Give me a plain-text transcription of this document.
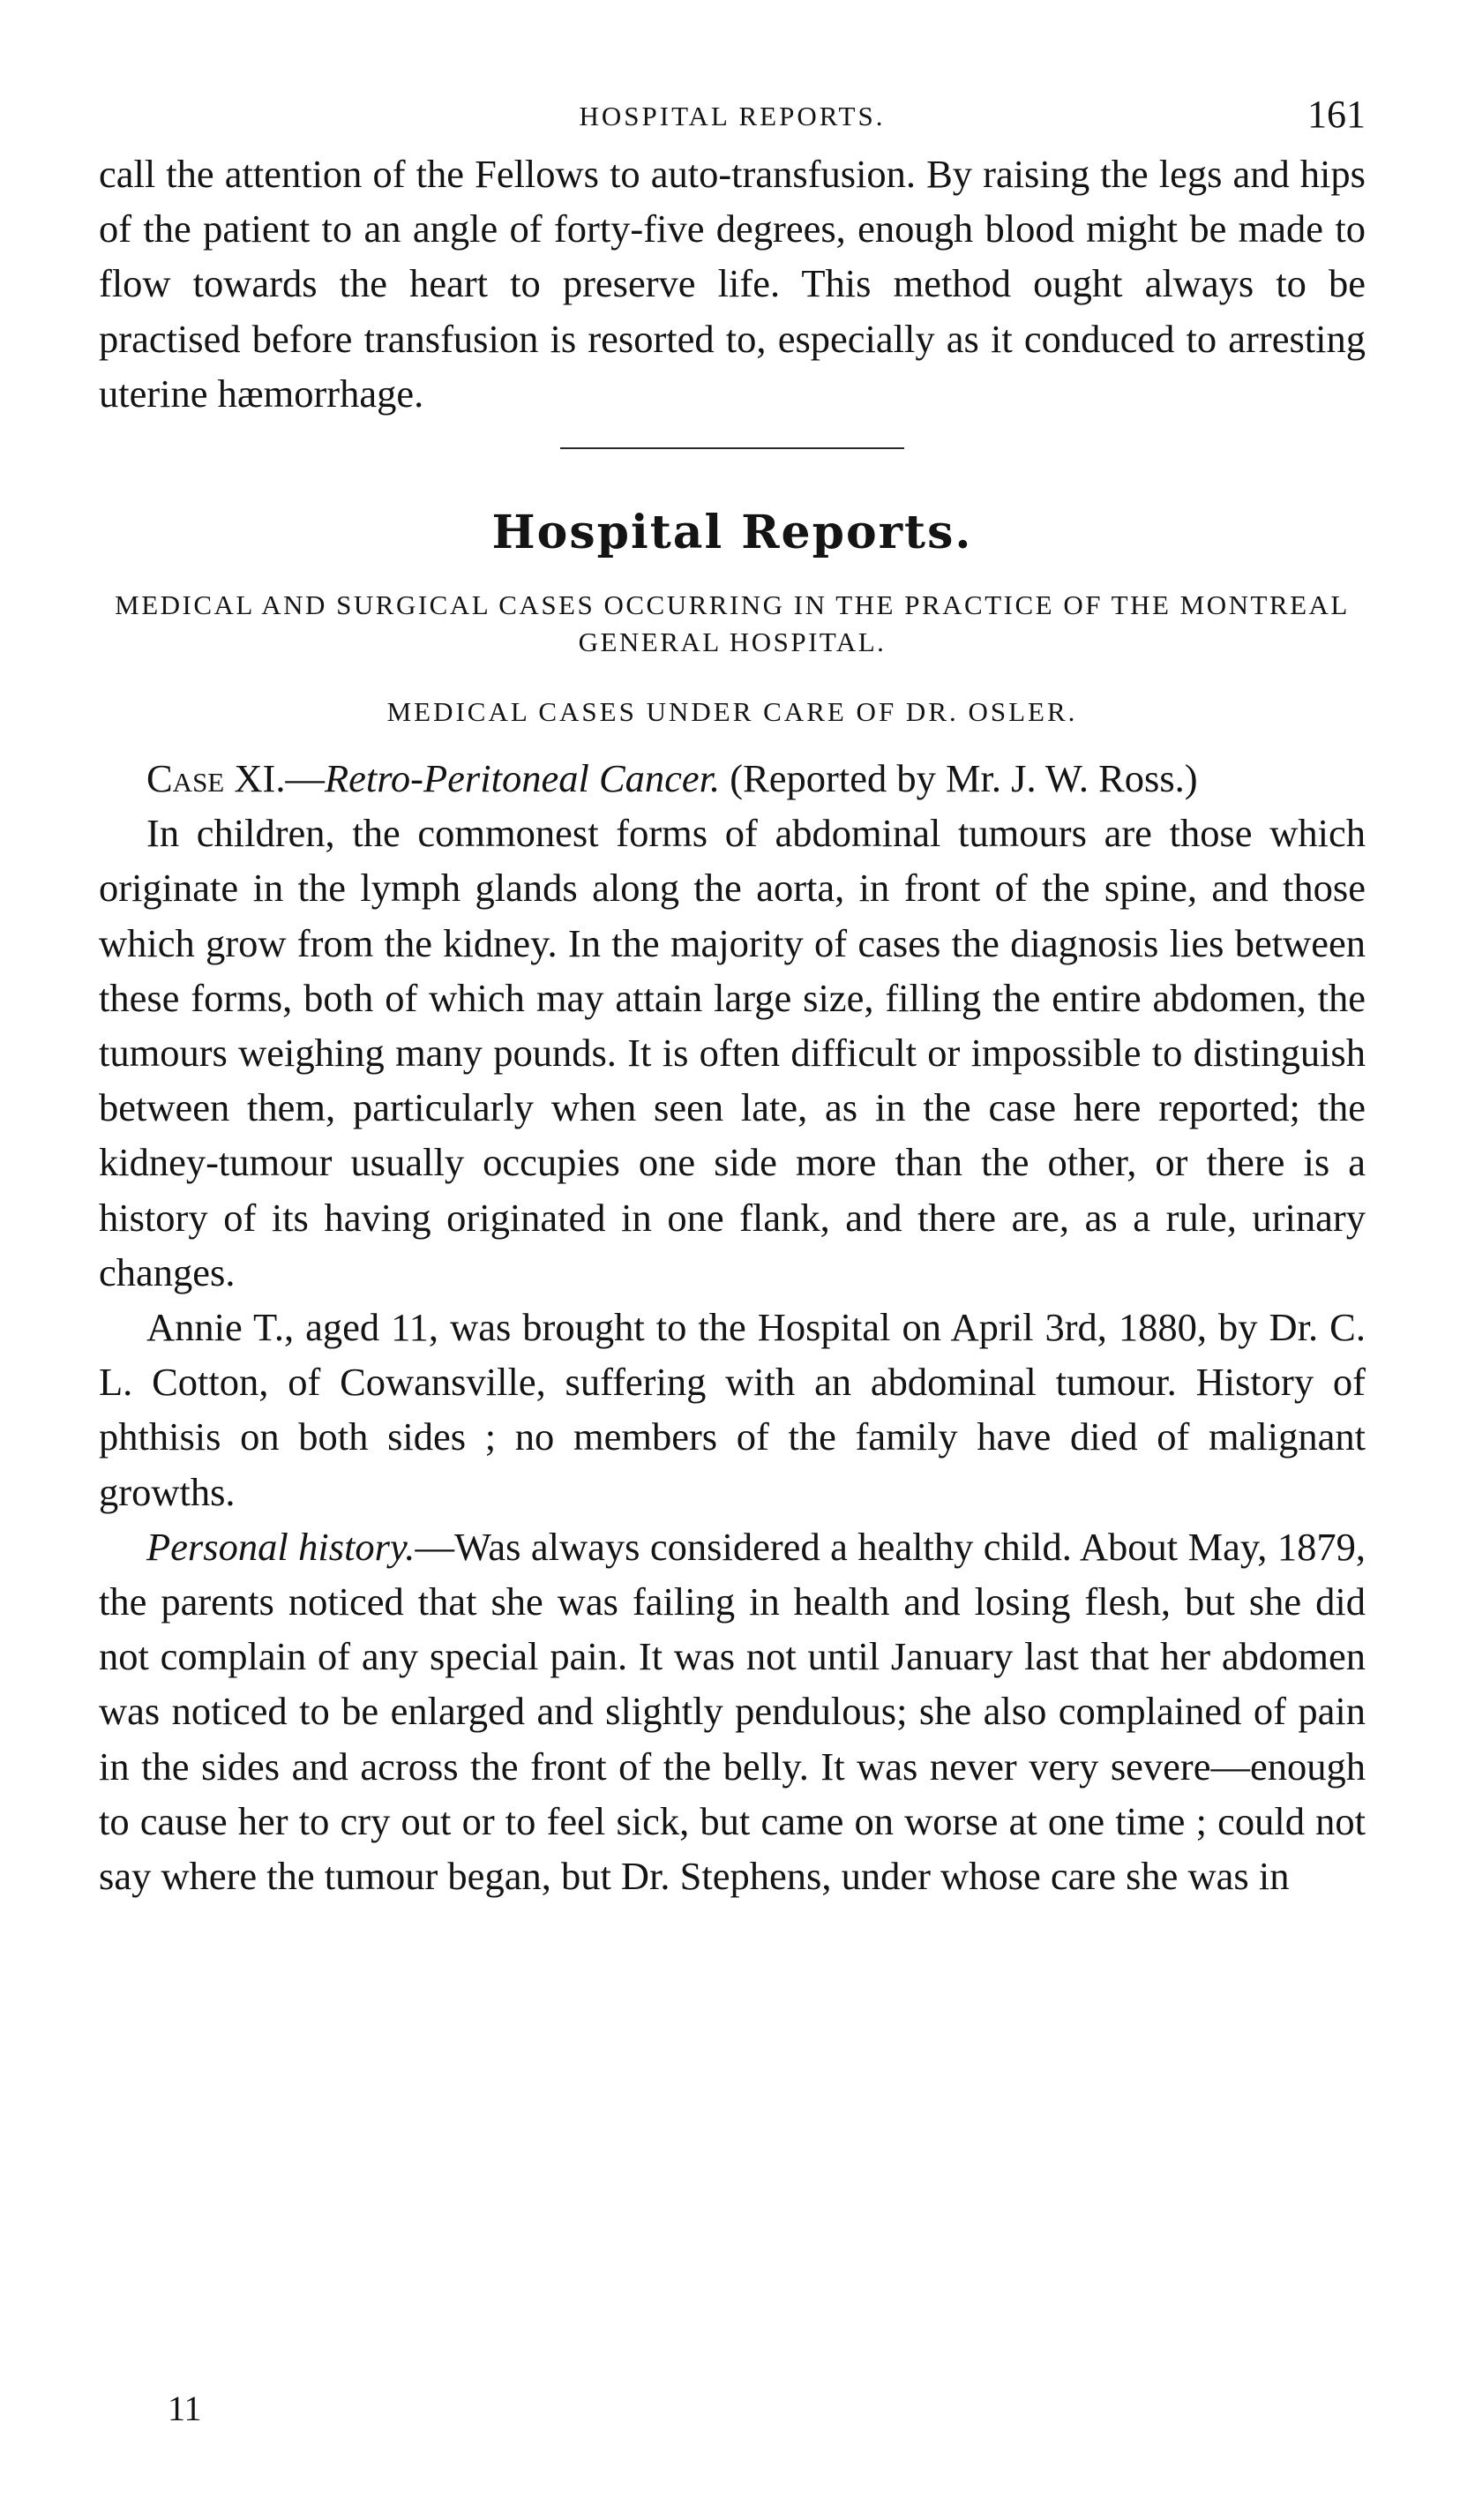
HOSPITAL REPORTS.	161

call the attention of the Fellows to auto-transfusion. By raising the legs and hips of the patient to an angle of forty-five degrees, enough blood might be made to flow towards the heart to preserve life. This method ought always to be practised before transfusion is resorted to, especially as it conduced to arresting uterine hæmorrhage.

Hospital Reports.
MEDICAL AND SURGICAL CASES OCCURRING IN THE PRACTICE OF THE MONTREAL GENERAL HOSPITAL.
MEDICAL CASES UNDER CARE OF DR. OSLER.

Case XI.—Retro-Peritoneal Cancer. (Reported by Mr. J. W. Ross.)

In children, the commonest forms of abdominal tumours are those which originate in the lymph glands along the aorta, in front of the spine, and those which grow from the kidney. In the majority of cases the diagnosis lies between these forms, both of which may attain large size, filling the entire abdomen, the tumours weighing many pounds. It is often difficult or impossible to distinguish between them, particularly when seen late, as in the case here reported; the kidney-tumour usually occupies one side more than the other, or there is a history of its having originated in one flank, and there are, as a rule, urinary changes.

Annie T., aged 11, was brought to the Hospital on April 3rd, 1880, by Dr. C. L. Cotton, of Cowansville, suffering with an abdominal tumour. History of phthisis on both sides ; no members of the family have died of malignant growths.

Personal history.—Was always considered a healthy child. About May, 1879, the parents noticed that she was failing in health and losing flesh, but she did not complain of any special pain. It was not until January last that her abdomen was noticed to be enlarged and slightly pendulous; she also complained of pain in the sides and across the front of the belly. It was never very severe—enough to cause her to cry out or to feel sick, but came on worse at one time ; could not say where the tumour began, but Dr. Stephens, under whose care she was in

11
